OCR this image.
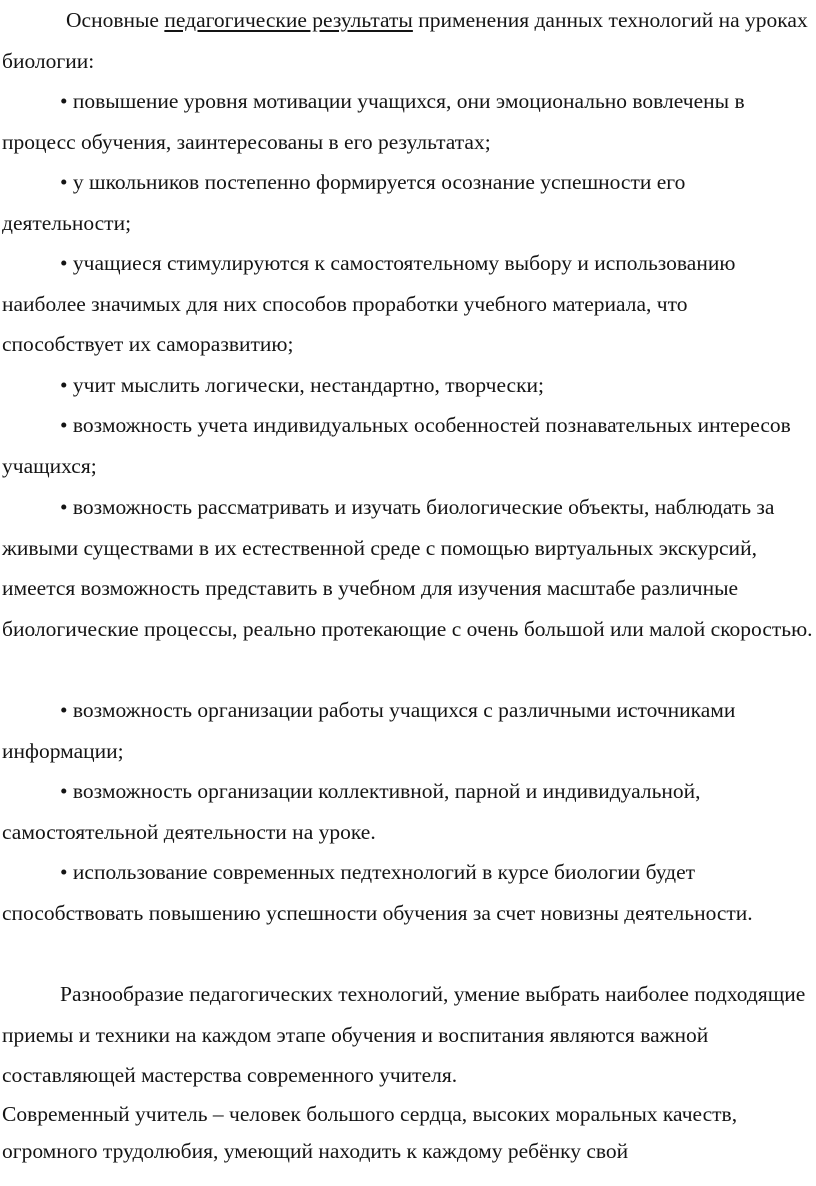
Основные педагогические результаты применения данных технологий на уроках биологии:

• повышение уровня мотивации учащихся, они эмоционально вовлечены в процесс обучения, заинтересованы в его результатах;

• у школьников постепенно формируется осознание успешности его деятельности;

• учащиеся стимулируются к самостоятельному выбору и использованию наиболее значимых для них способов проработки учебного материала, что способствует их саморазвитию;

• учит мыслить логически, нестандартно, творчески;

• возможность учета индивидуальных особенностей познавательных интересов учащихся;

• возможность рассматривать и изучать биологические объекты, наблюдать за живыми существами в их естественной среде с помощью виртуальных экскурсий, имеется возможность представить в учебном для изучения масштабе различные биологические процессы, реально протекающие с очень большой или малой скоростью.

• возможность организации работы учащихся с различными источниками информации;

• возможность организации коллективной, парной и индивидуальной, самостоятельной деятельности на уроке.

• использование современных педтехнологий в курсе биологии будет способствовать повышению успешности обучения за счет новизны деятельности.

Разнообразие педагогических технологий, умение выбрать наиболее подходящие приемы и техники на каждом этапе обучения и воспитания являются важной составляющей мастерства современного учителя.

Современный учитель – человек большого сердца, высоких моральных качеств, огромного трудолюбия, умеющий находить к каждому ребёнку свой
